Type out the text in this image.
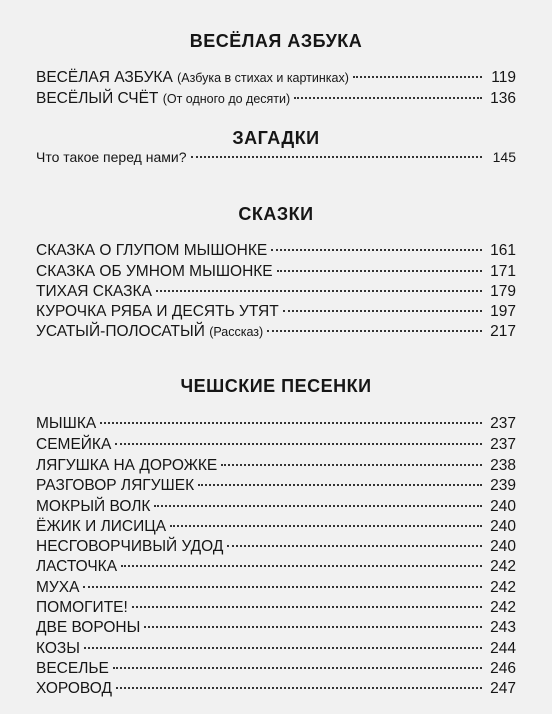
ВЕСЁЛАЯ АЗБУКА
ВЕСЁЛАЯ АЗБУКА (Азбука в стихах и картинках)	119
ВЕСЁЛЫЙ СЧЁТ (От одного до десяти)	136
ЗАГАДКИ
Что такое перед нами?	145
СКАЗКИ
СКАЗКА О ГЛУПОМ МЫШОНКЕ	161
СКАЗКА ОБ УМНОМ МЫШОНКЕ	171
ТИХАЯ СКАЗКА	179
КУРОЧКА РЯБА И ДЕСЯТЬ УТЯТ	197
УСАТЫЙ-ПОЛОСАТЫЙ (Рассказ)	217
ЧЕШСКИЕ ПЕСЕНКИ
МЫШКА	237
СЕМЕЙКА	237
ЛЯГУШКА НА ДОРОЖКЕ	238
РАЗГОВОР ЛЯГУШЕК	239
МОКРЫЙ ВОЛК	240
ЁЖИК И ЛИСИЦА	240
НЕСГОВОРЧИВЫЙ УДОД	240
ЛАСТОЧКА	242
МУХА	242
ПОМОГИТЕ!	242
ДВЕ ВОРОНЫ	243
КОЗЫ	244
ВЕСЕЛЬЕ	246
ХОРОВОД	247
